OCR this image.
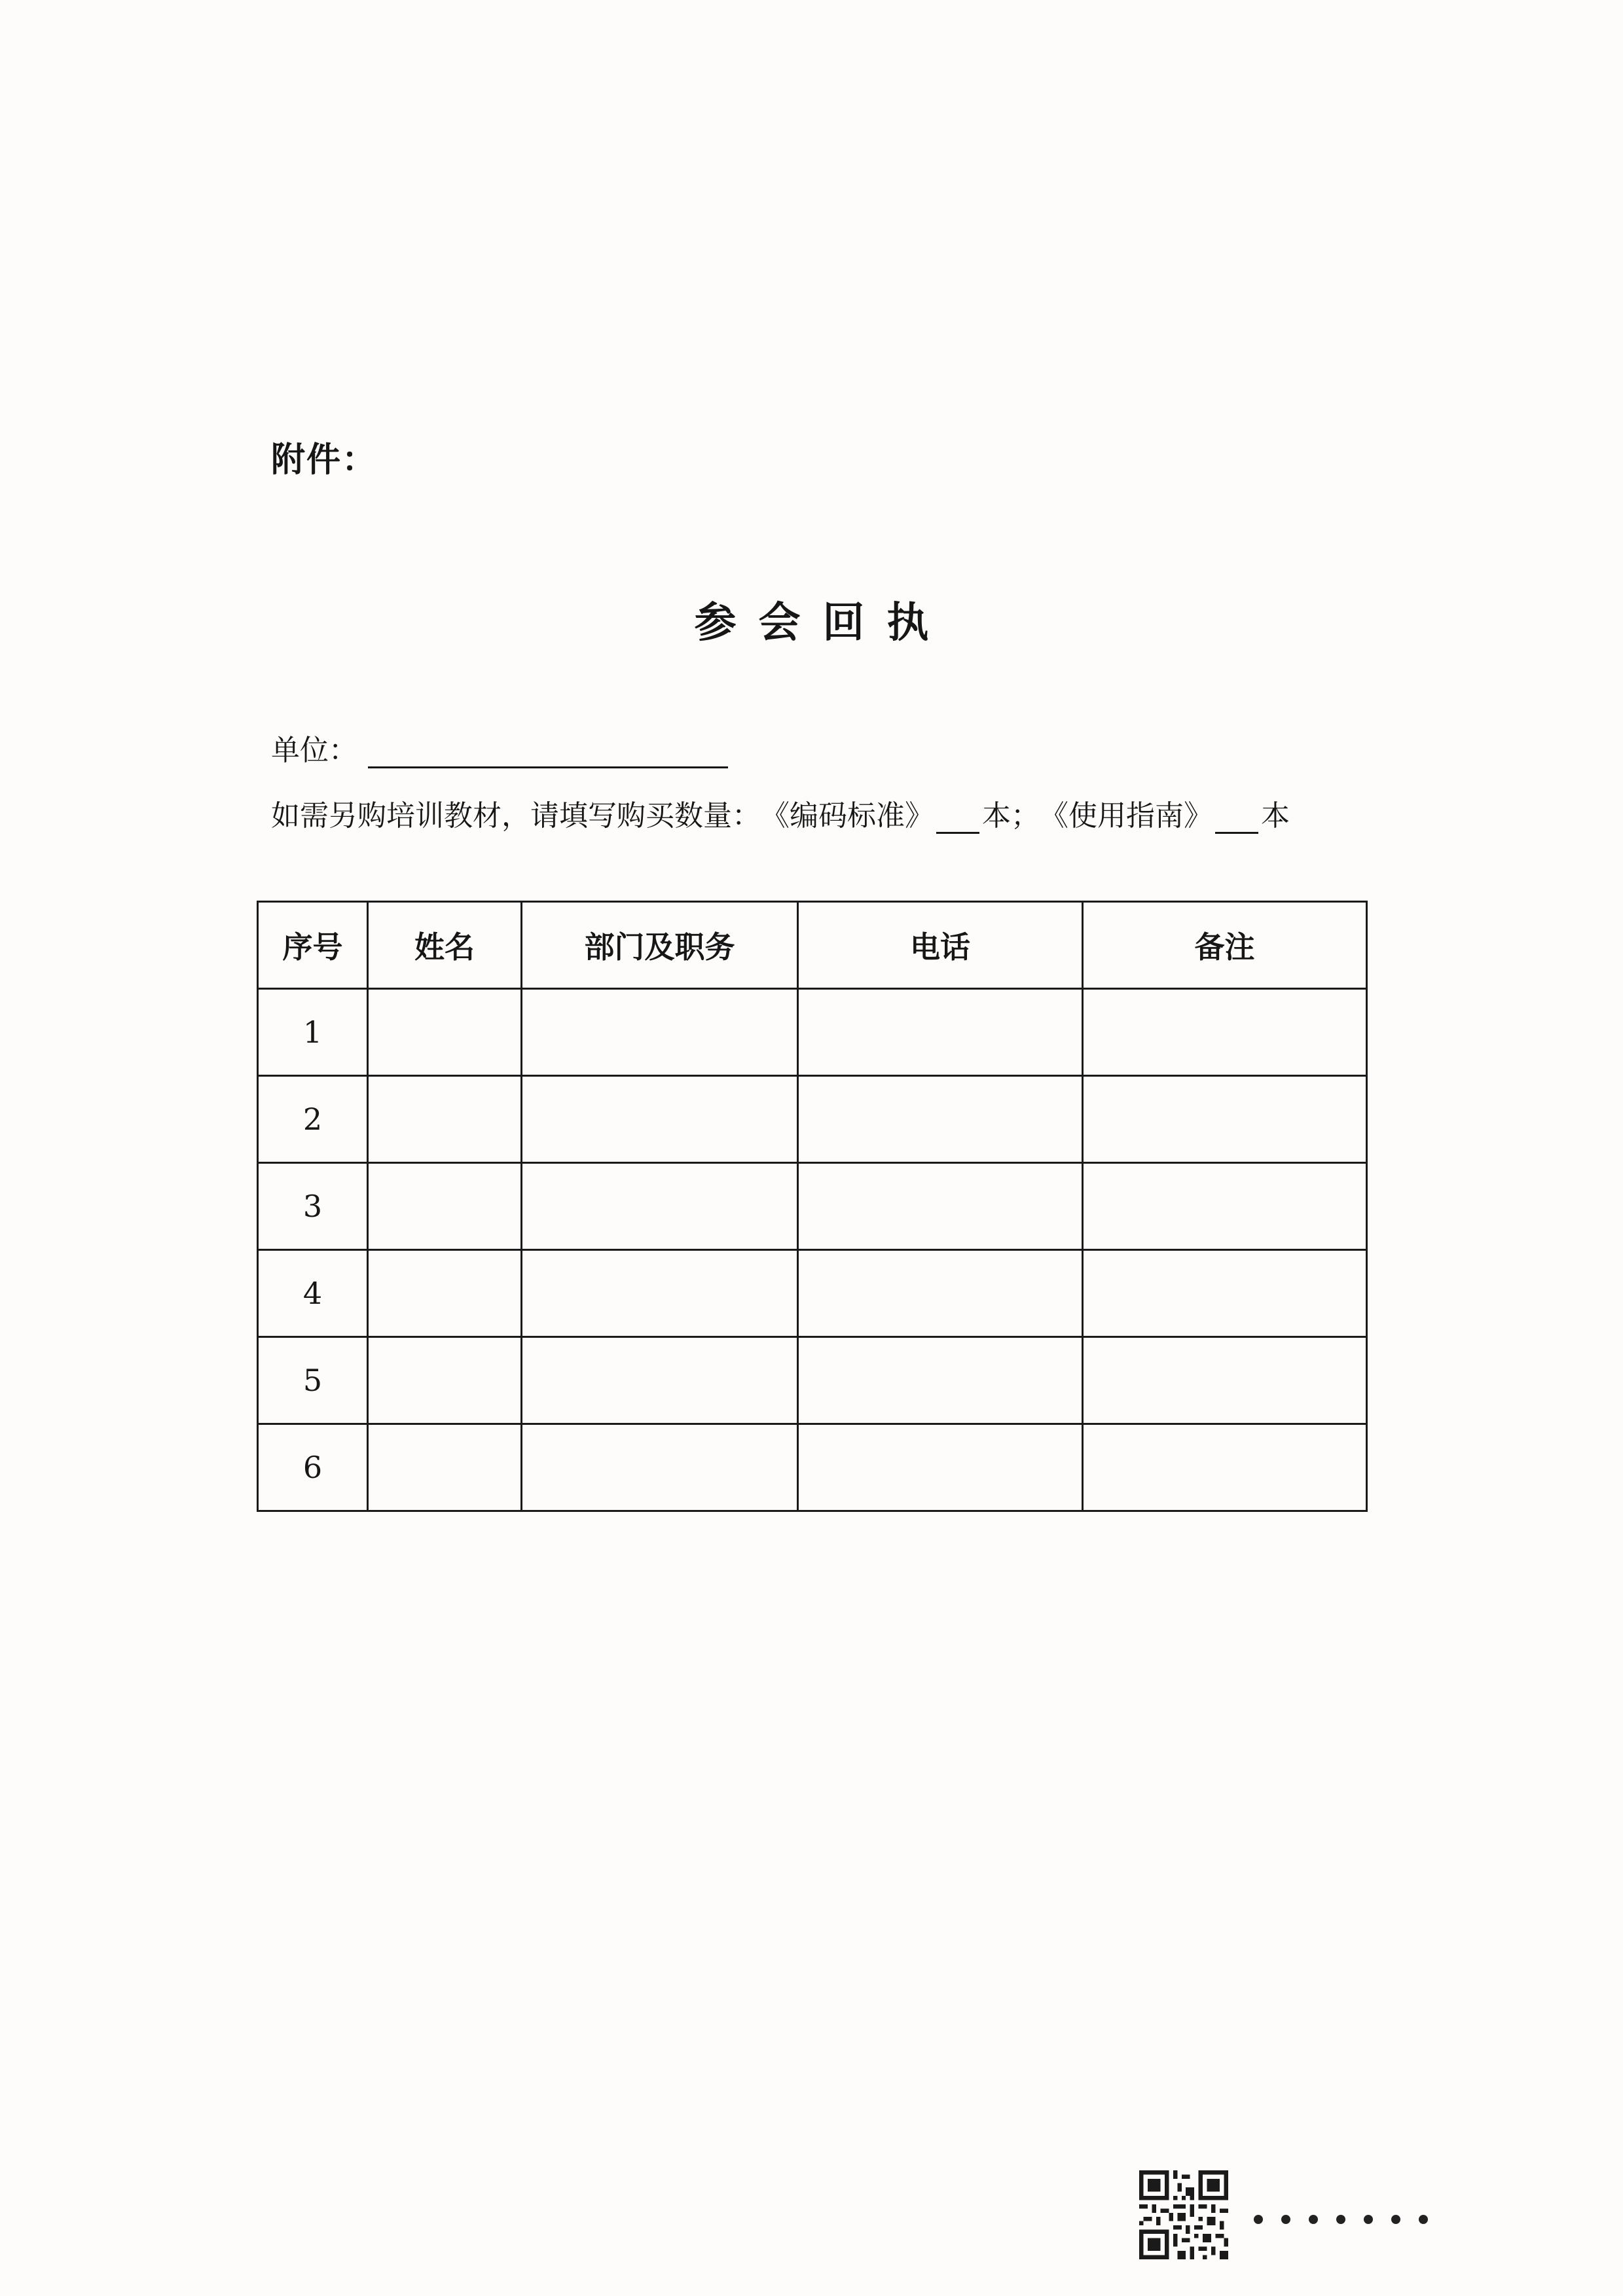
附件：
参会回执
单位：
如需另购培训教材，请填写购买数量： 《编码标准》 本； 《使用指南》 本
序号	姓名	部门及职务	电话	备注
1				
2				
3				
4				
5				
6				
